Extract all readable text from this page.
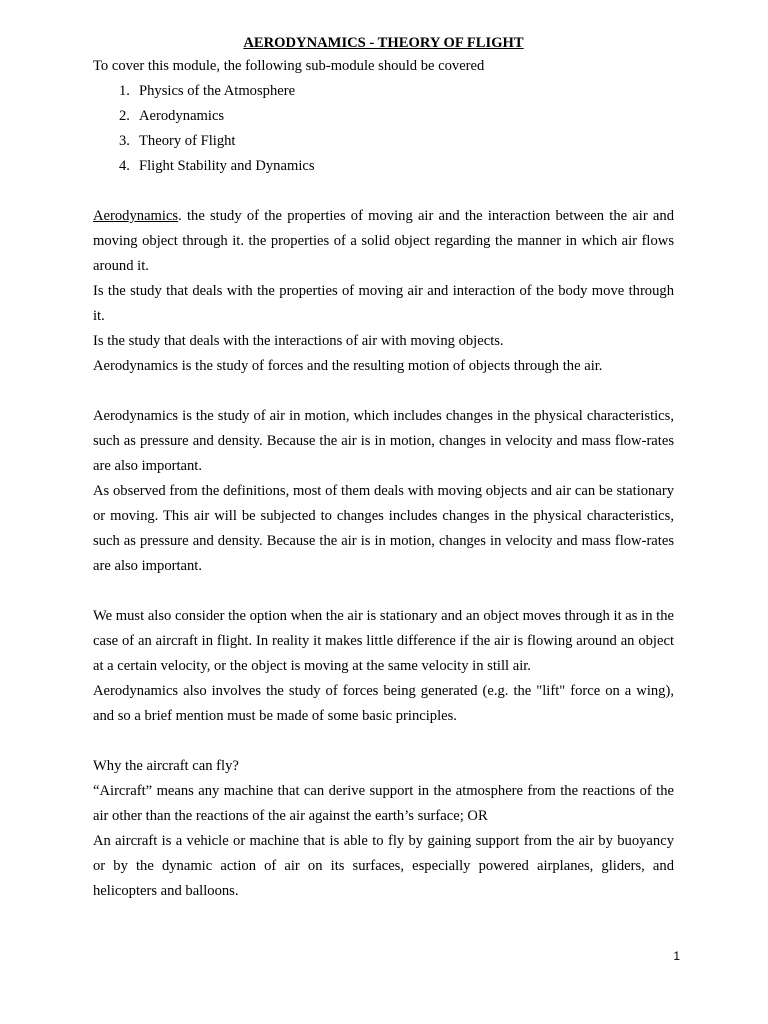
AERODYNAMICS - THEORY OF FLIGHT

To cover this module, the following sub-module should be covered

1. Physics of the Atmosphere
2. Aerodynamics
3. Theory of Flight
4. Flight Stability and Dynamics

Aerodynamics. the study of the properties of moving air and the interaction between the air and moving object through it. the properties of a solid object regarding the manner in which air flows around it.

Is the study that deals with the properties of moving air and interaction of the body move through it.

Is the study that deals with the interactions of air with moving objects.

Aerodynamics is the study of forces and the resulting motion of objects through the air.

Aerodynamics is the study of air in motion, which includes changes in the physical characteristics, such as pressure and density. Because the air is in motion, changes in velocity and mass flow-rates are also important.

As observed from the definitions, most of them deals with moving objects and air can be stationary or moving. This air will be subjected to changes includes changes in the physical characteristics, such as pressure and density. Because the air is in motion, changes in velocity and mass flow-rates are also important.

We must also consider the option when the air is stationary and an object moves through it as in the case of an aircraft in flight. In reality it makes little difference if the air is flowing around an object at a certain velocity, or the object is moving at the same velocity in still air.

Aerodynamics also involves the study of forces being generated (e.g. the "lift" force on a wing), and so a brief mention must be made of some basic principles.

Why the aircraft can fly?

“Aircraft” means any machine that can derive support in the atmosphere from the reactions of the air other than the reactions of the air against the earth’s surface; OR

An aircraft is a vehicle or machine that is able to fly by gaining support from the air by buoyancy or by the dynamic action of air on its surfaces, especially powered airplanes, gliders, and helicopters and balloons.

1
